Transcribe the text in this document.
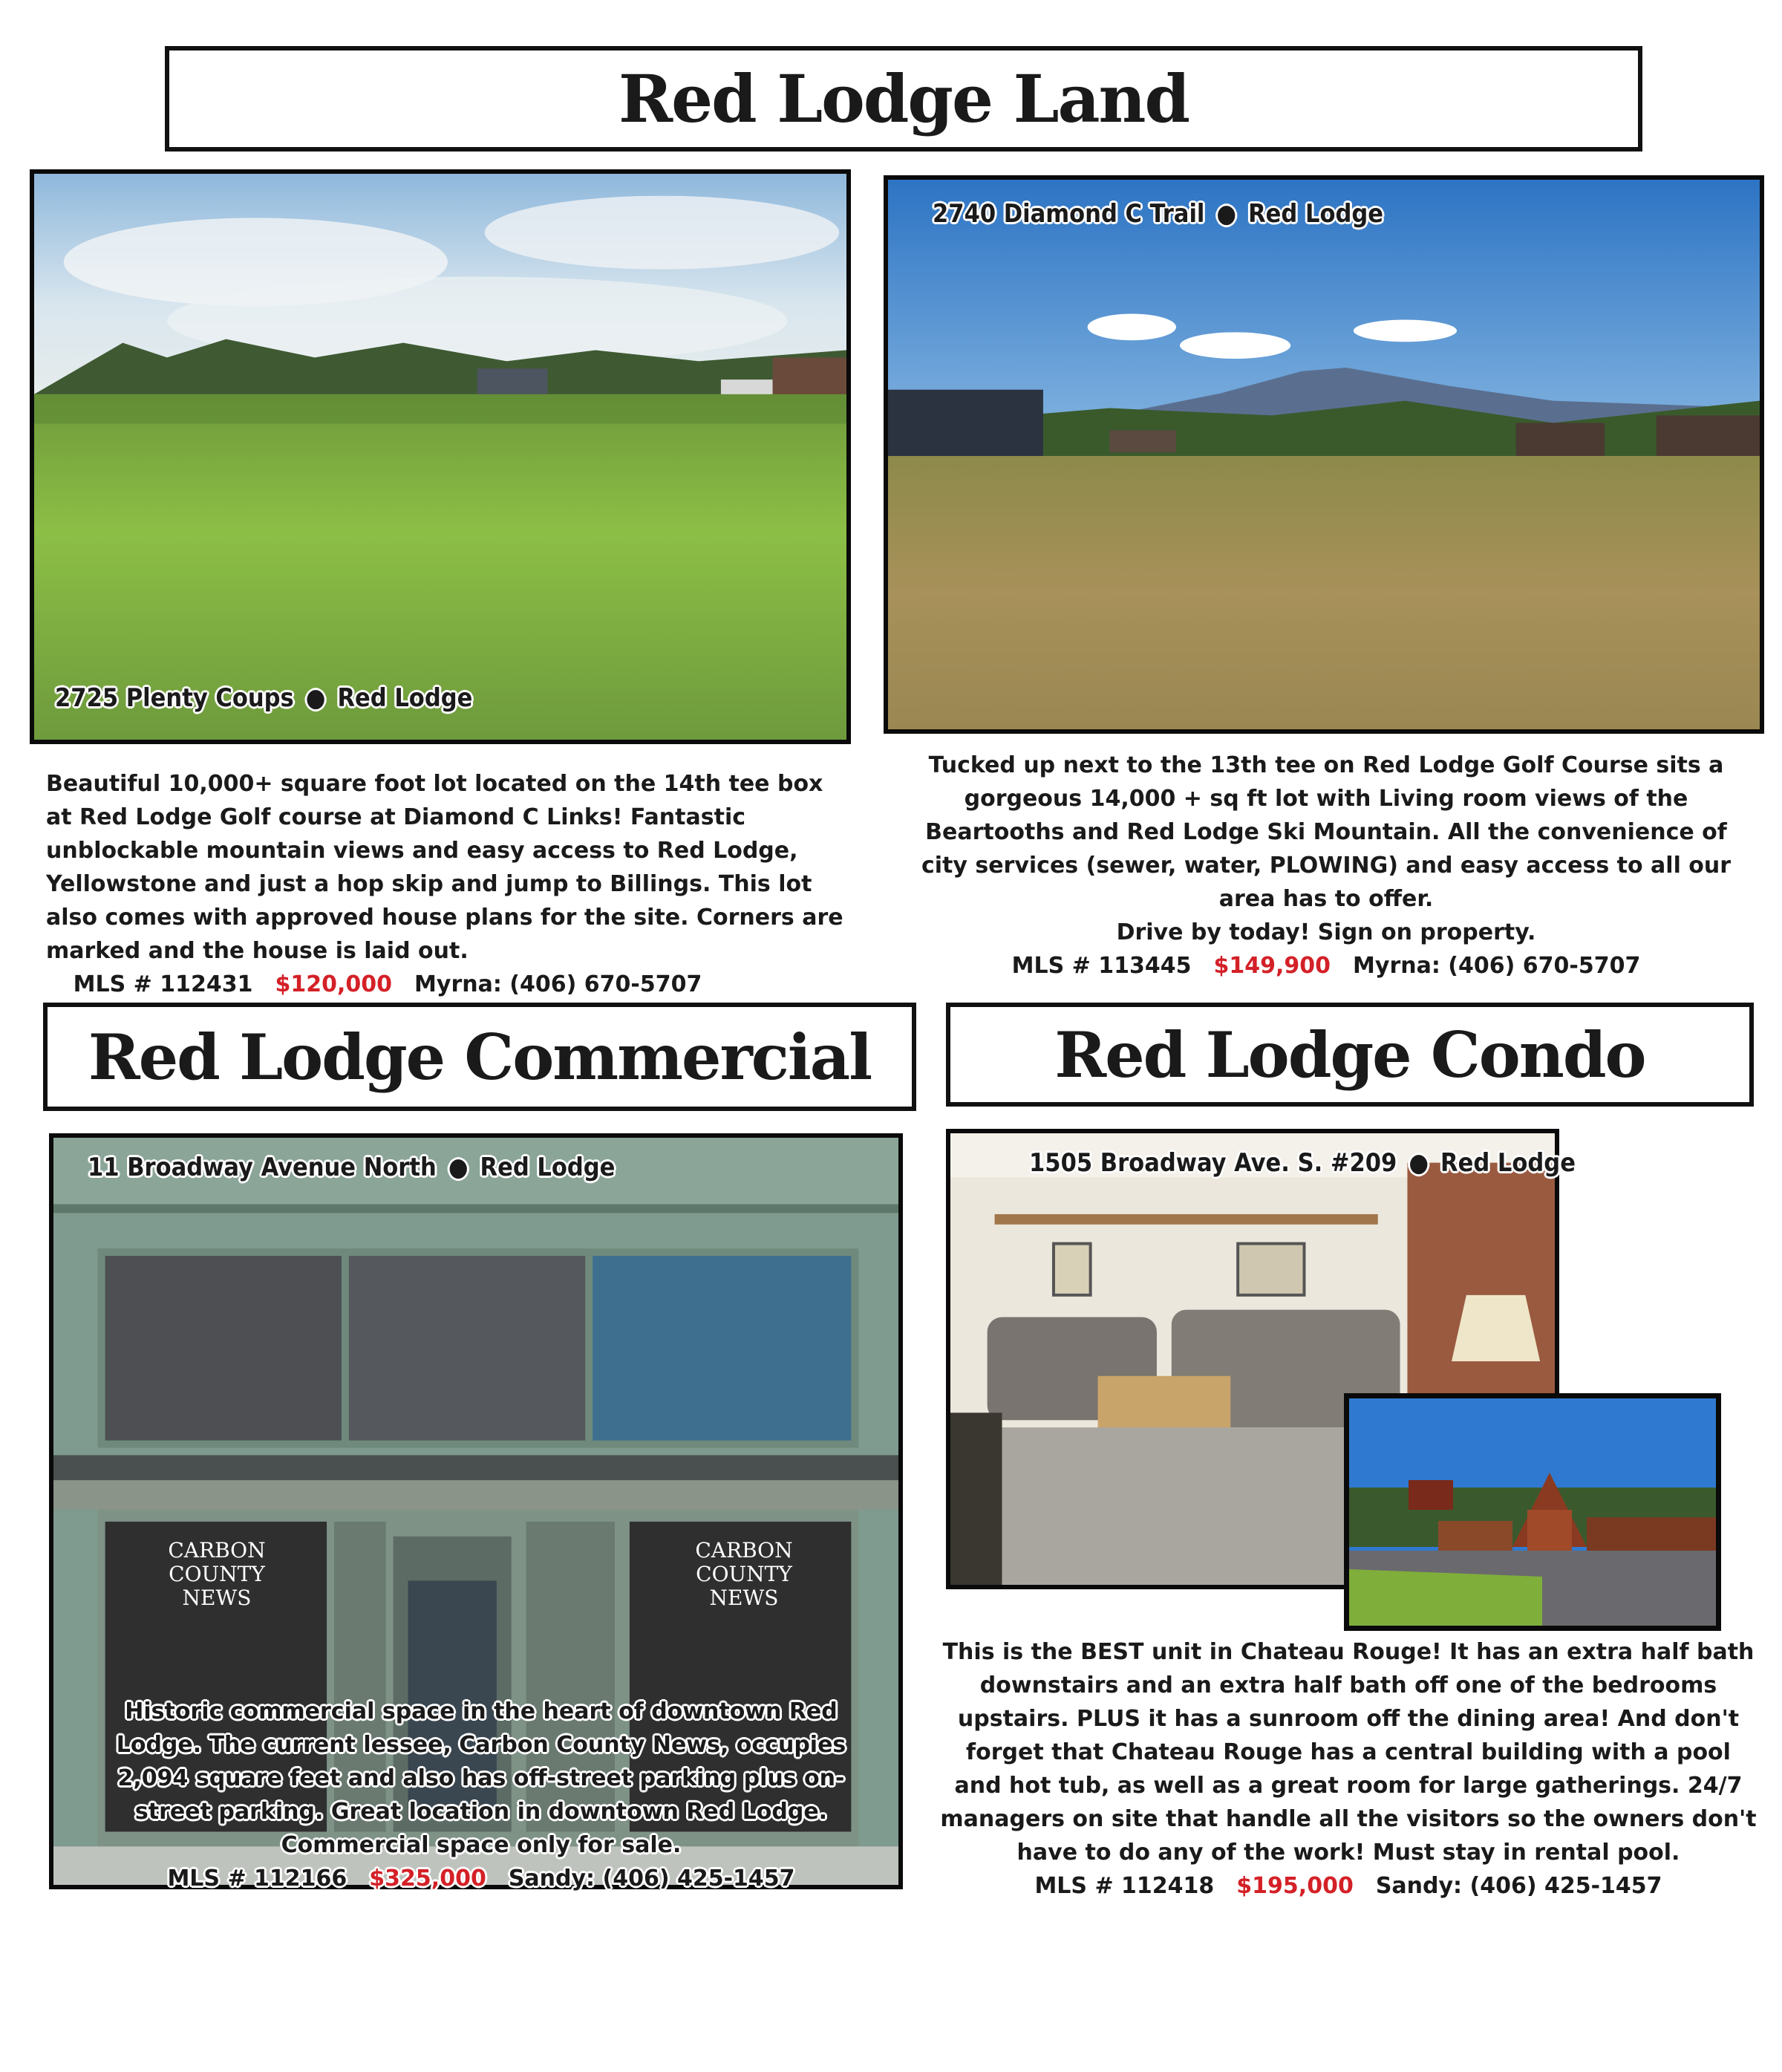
Red Lodge Land
2725 Plenty Coups ● Red Lodge
2740 Diamond C Trail ● Red Lodge

Beautiful 10,000+ square foot lot located on the 14th tee box at Red Lodge Golf course at Diamond C Links! Fantastic unblockable mountain views and easy access to Red Lodge, Yellowstone and just a hop skip and jump to Billings. This lot also comes with approved house plans for the site. Corners are marked and the house is laid out.

MLS # 112431 $120,000 Myrna: (406) 670-5707

Tucked up next to the 13th tee on Red Lodge Golf Course sits a gorgeous 14,000 + sq ft lot with Living room views of the Beartooths and Red Lodge Ski Mountain. All the convenience of city services (sewer, water, PLOWING) and easy access to all our area has to offer.

Drive by today! Sign on property.

MLS # 113445 $149,900 Myrna: (406) 670-5707

Red Lodge Commercial	Red Lodge Condo
CARBON COUNTY NEWS
CARBON COUNTY NEWS
11 Broadway Avenue North ● Red Lodge

Historic commercial space in the heart of downtown Red Lodge. The current lessee, Carbon County News, occupies 2,094 square feet and also has off-street parking plus on-street parking. Great location in downtown Red Lodge. Commercial space only for sale.

MLS # 112166 $325,000 Sandy: (406) 425-1457

1505 Broadway Ave. S. #209 ● Red Lodge

This is the BEST unit in Chateau Rouge! It has an extra half bath downstairs and an extra half bath off one of the bedrooms upstairs. PLUS it has a sunroom off the dining area! And don't forget that Chateau Rouge has a central building with a pool and hot tub, as well as a great room for large gatherings. 24/7 managers on site that handle all the visitors so the owners don't have to do any of the work! Must stay in rental pool.

MLS # 112418 $195,000 Sandy: (406) 425-1457
